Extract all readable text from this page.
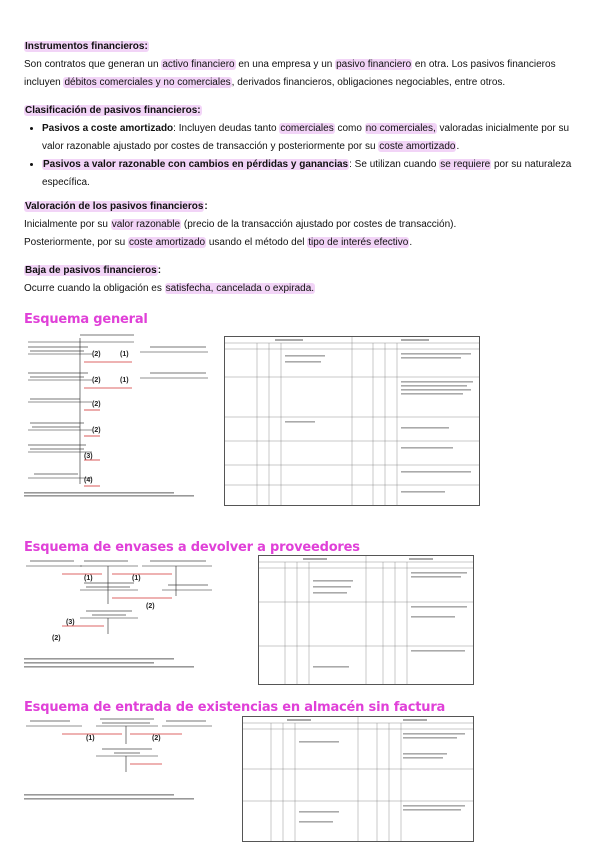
Instrumentos financieros:

Son contratos que generan un activo financiero en una empresa y un pasivo financiero en otra. Los pasivos financieros

incluyen débitos comerciales y no comerciales, derivados financieros, obligaciones negociables, entre otros.

Clasificación de pasivos financieros:

• Pasivos a coste amortizado: Incluyen deudas tanto comerciales como no comerciales, valoradas inicialmente por su valor razonable ajustado por costes de transacción y posteriormente por su coste amortizado.
• Pasivos a valor razonable con cambios en pérdidas y ganancias: Se utilizan cuando se requiere por su naturaleza específica.

Valoración de los pasivos financieros:

Inicialmente por su valor razonable (precio de la transacción ajustado por costes de transacción).

Posteriormente, por su coste amortizado usando el método del tipo de interés efectivo.

Baja de pasivos financieros:

Ocurre cuando la obligación es satisfecha, cancelada o expirada.

Esquema general
(2)	(1)
(2)	(1)
(2)
(2)
(3)
(4)
Esquema de envases a devolver a proveedores
(1)	(1)
(2)
(3)
(2)
Esquema de entrada de existencias en almacén sin factura
(1)	(2)
